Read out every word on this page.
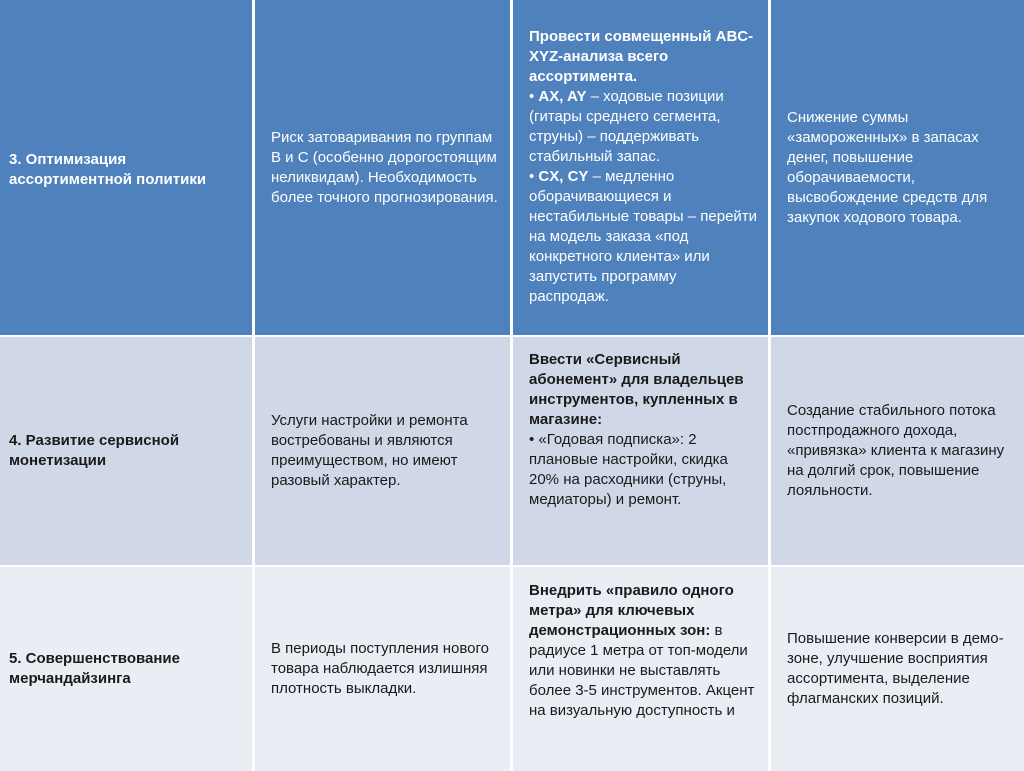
3. Оптимизация ассортиментной политики
Риск затоваривания по группам B и C (особенно дорогостоящим неликвидам). Необходимость более точного прогнозирования.
Провести совмещенный ABC-XYZ-анализа всего ассортимента.
• AX, AY – ходовые позиции (гитары среднего сегмента, струны) – поддерживать стабильный запас.
• CX, CY – медленно оборачивающиеся и нестабильные товары – перейти на модель заказа «под конкретного клиента» или запустить программу распродаж.
Снижение суммы «замороженных» в запасах денег, повышение оборачиваемости, высвобождение средств для закупок ходового товара.
4. Развитие сервисной монетизации
Услуги настройки и ремонта востребованы и являются преимуществом, но имеют разовый характер.
Ввести «Сервисный абонемент» для владельцев инструментов, купленных в магазине:
• «Годовая подписка»: 2 плановые настройки, скидка 20% на расходники (струны, медиаторы) и ремонт.
Создание стабильного потока постпродажного дохода, «привязка» клиента к магазину на долгий срок, повышение лояльности.
5. Совершенствование мерчандайзинга
В периоды поступления нового товара наблюдается излишняя плотность выкладки.
Внедрить «правило одного метра» для ключевых демонстрационных зон: в радиусе 1 метра от топ-модели или новинки не выставлять более 3-5 инструментов. Акцент на визуальную доступность и
Повышение конверсии в демо-зоне, улучшение восприятия ассортимента, выделение флагманских позиций.
